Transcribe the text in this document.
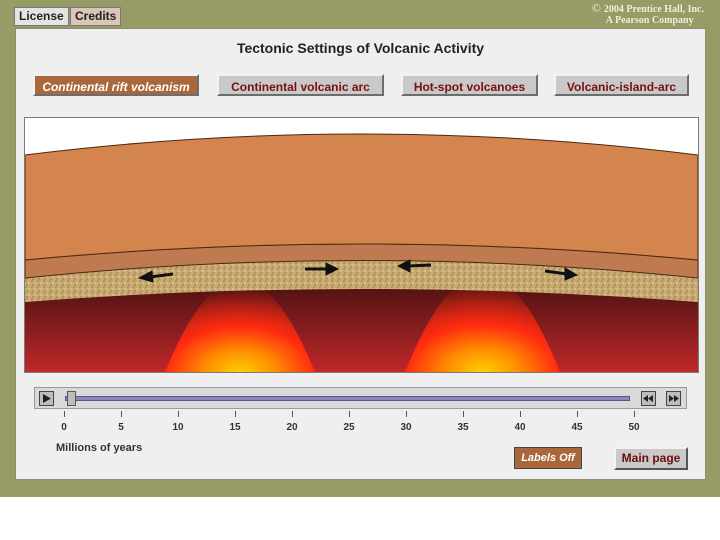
License Credits
© 2004 Prentice Hall, Inc.
A Pearson Company
Tectonic Settings of Volcanic Activity
Continental rift volcanism	Continental volcanic arc	Hot-spot volcanoes	Volcanic-island-arc
0	5	10	15	20	25	30	35	40	45	50
Millions of years
Labels Off	Main page
